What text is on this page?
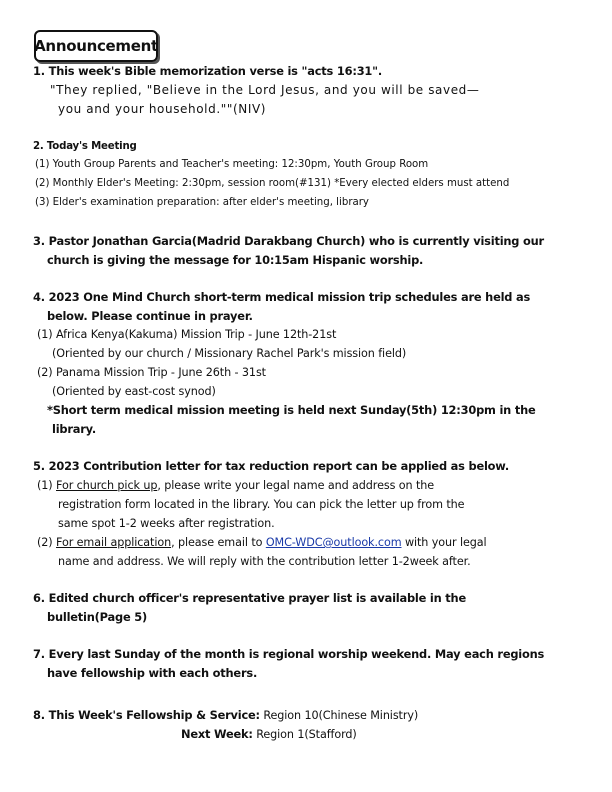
Announcement
1. This week's Bible memorization verse is "acts 16:31".
"They replied, "Believe in the Lord Jesus, and you will be saved—
you and your household.""(NIV)
2. Today's Meeting
(1) Youth Group Parents and Teacher's meeting: 12:30pm, Youth Group Room
(2) Monthly Elder's Meeting: 2:30pm, session room(#131) *Every elected elders must attend
(3) Elder's examination preparation: after elder's meeting, library
3. Pastor Jonathan Garcia(Madrid Darakbang Church) who is currently visiting our
church is giving the message for 10:15am Hispanic worship.
4. 2023 One Mind Church short-term medical mission trip schedules are held as
below. Please continue in prayer.
(1) Africa Kenya(Kakuma) Mission Trip - June 12th-21st
(Oriented by our church / Missionary Rachel Park's mission field)
(2) Panama Mission Trip - June 26th - 31st
(Oriented by east-cost synod)
*Short term medical mission meeting is held next Sunday(5th) 12:30pm in the
library.
5. 2023 Contribution letter for tax reduction report can be applied as below.
(1) For church pick up, please write your legal name and address on the
registration form located in the library. You can pick the letter up from the
same spot 1-2 weeks after registration.
(2) For email application, please email to OMC-WDC@outlook.com with your legal
name and address. We will reply with the contribution letter 1-2week after.
6. Edited church officer's representative prayer list is available in the
bulletin(Page 5)
7. Every last Sunday of the month is regional worship weekend. May each regions
have fellowship with each others.
8. This Week's Fellowship & Service: Region 10(Chinese Ministry)
Next Week: Region 1(Stafford)
